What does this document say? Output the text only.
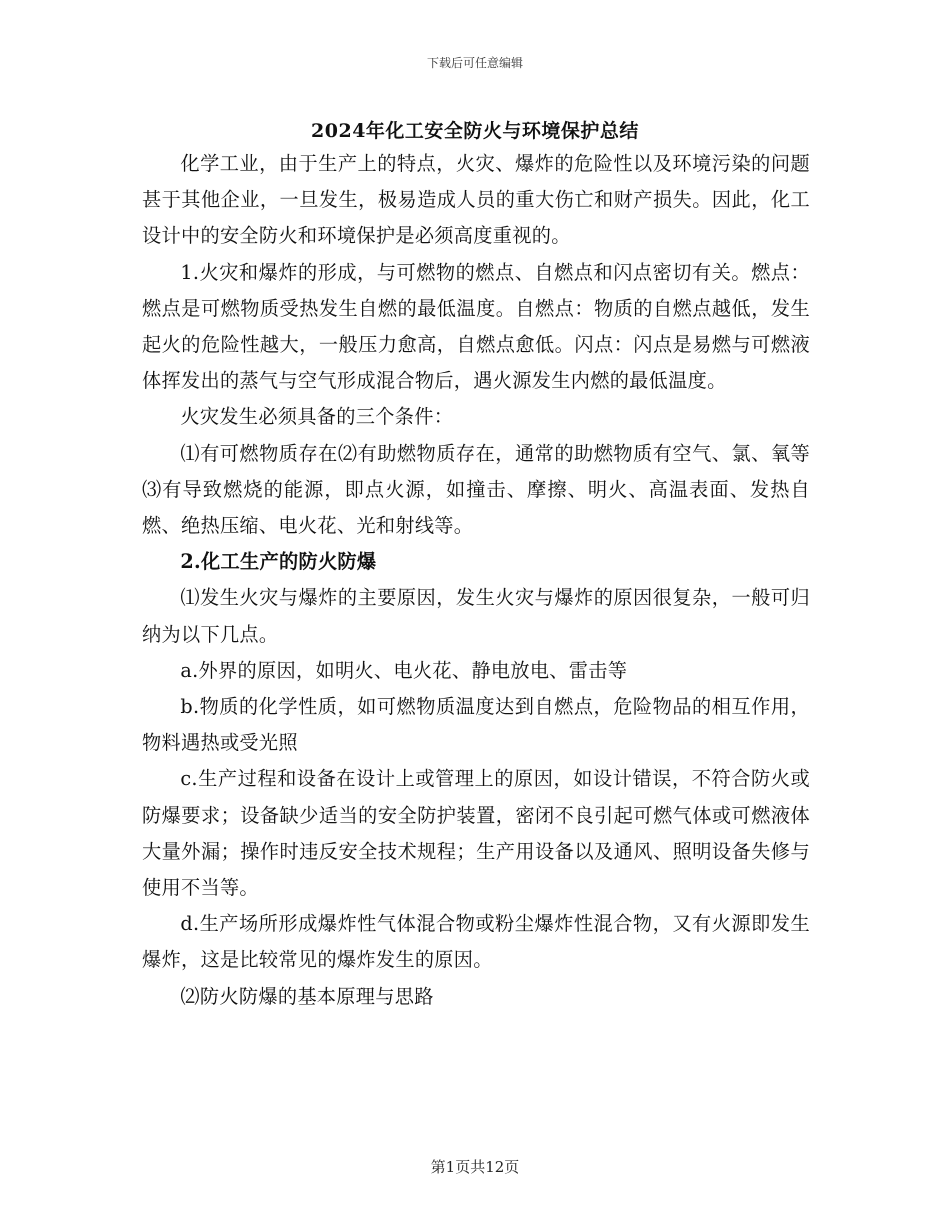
下载后可任意编辑
2024年化工安全防火与环境保护总结

化学工业，由于生产上的特点，火灾、爆炸的危险性以及环境污染的问题甚于其他企业，一旦发生，极易造成人员的重大伤亡和财产损失。因此，化工设计中的安全防火和环境保护是必须高度重视的。

1.火灾和爆炸的形成，与可燃物的燃点、自燃点和闪点密切有关。燃点：燃点是可燃物质受热发生自燃的最低温度。自燃点：物质的自燃点越低，发生起火的危险性越大，一般压力愈高，自燃点愈低。闪点：闪点是易燃与可燃液体挥发出的蒸气与空气形成混合物后，遇火源发生内燃的最低温度。

火灾发生必须具备的三个条件：

⑴有可燃物质存在⑵有助燃物质存在，通常的助燃物质有空气、氯、氧等⑶有导致燃烧的能源，即点火源，如撞击、摩擦、明火、高温表面、发热自燃、绝热压缩、电火花、光和射线等。

2.化工生产的防火防爆

⑴发生火灾与爆炸的主要原因，发生火灾与爆炸的原因很复杂，一般可归纳为以下几点。

a.外界的原因，如明火、电火花、静电放电、雷击等

b.物质的化学性质，如可燃物质温度达到自燃点，危险物品的相互作用，物料遇热或受光照

c.生产过程和设备在设计上或管理上的原因，如设计错误，不符合防火或防爆要求；设备缺少适当的安全防护装置，密闭不良引起可燃气体或可燃液体大量外漏；操作时违反安全技术规程；生产用设备以及通风、照明设备失修与使用不当等。

d.生产场所形成爆炸性气体混合物或粉尘爆炸性混合物，又有火源即发生爆炸，这是比较常见的爆炸发生的原因。

⑵防火防爆的基本原理与思路

第1页共12页
